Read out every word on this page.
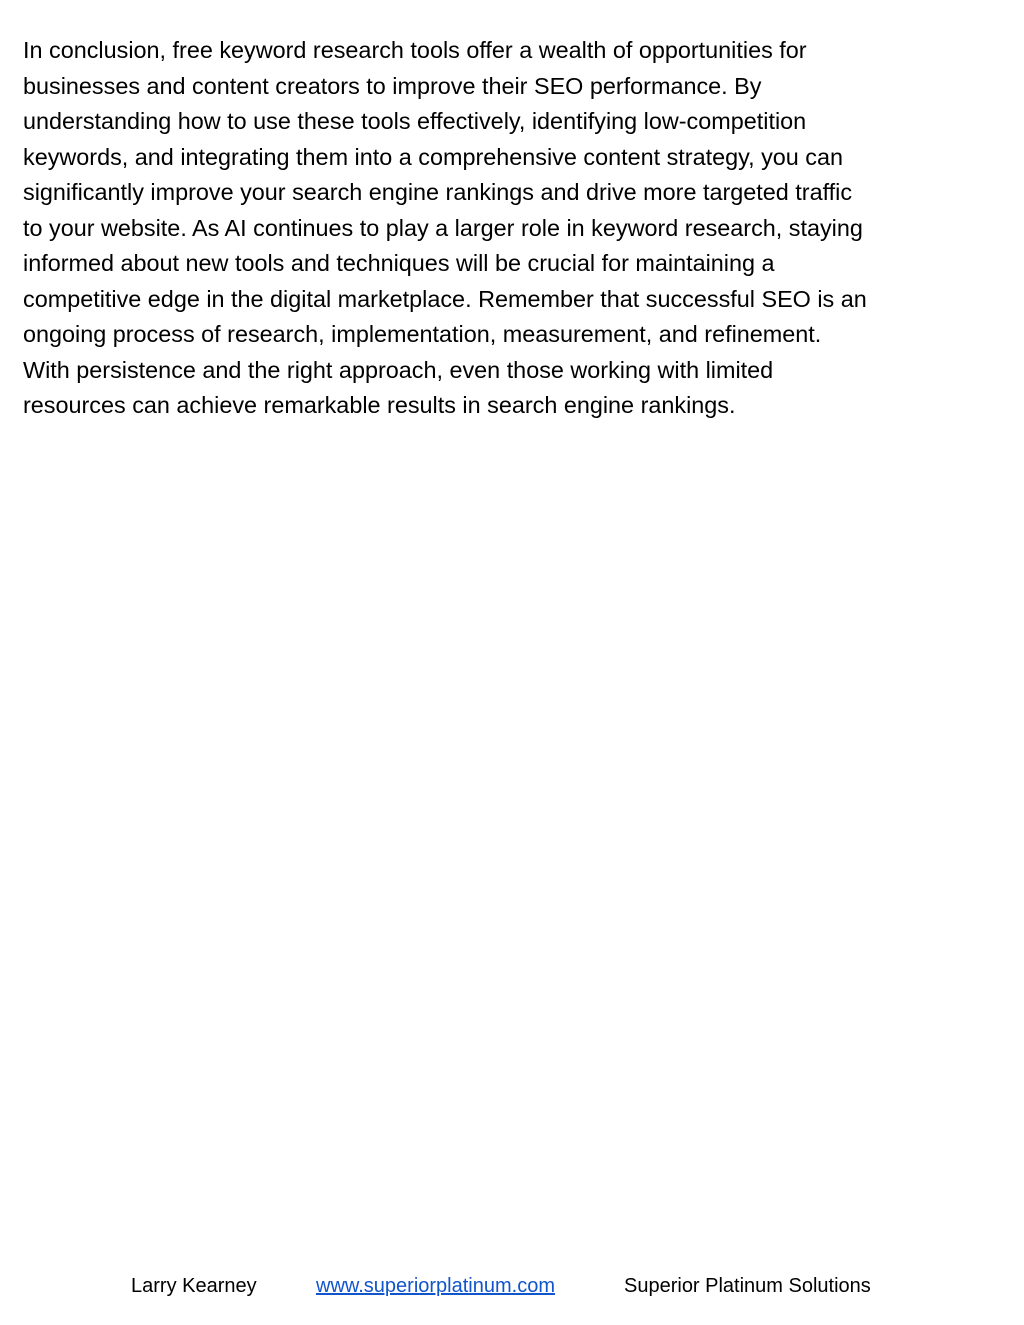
In conclusion, free keyword research tools offer a wealth of opportunities for
businesses and content creators to improve their SEO performance. By
understanding how to use these tools effectively, identifying low-competition
keywords, and integrating them into a comprehensive content strategy, you can
significantly improve your search engine rankings and drive more targeted traffic
to your website. As AI continues to play a larger role in keyword research, staying
informed about new tools and techniques will be crucial for maintaining a
competitive edge in the digital marketplace. Remember that successful SEO is an
ongoing process of research, implementation, measurement, and refinement.
With persistence and the right approach, even those working with limited
resources can achieve remarkable results in search engine rankings.

Larry Kearney	www.superiorplatinum.com	Superior Platinum Solutions
